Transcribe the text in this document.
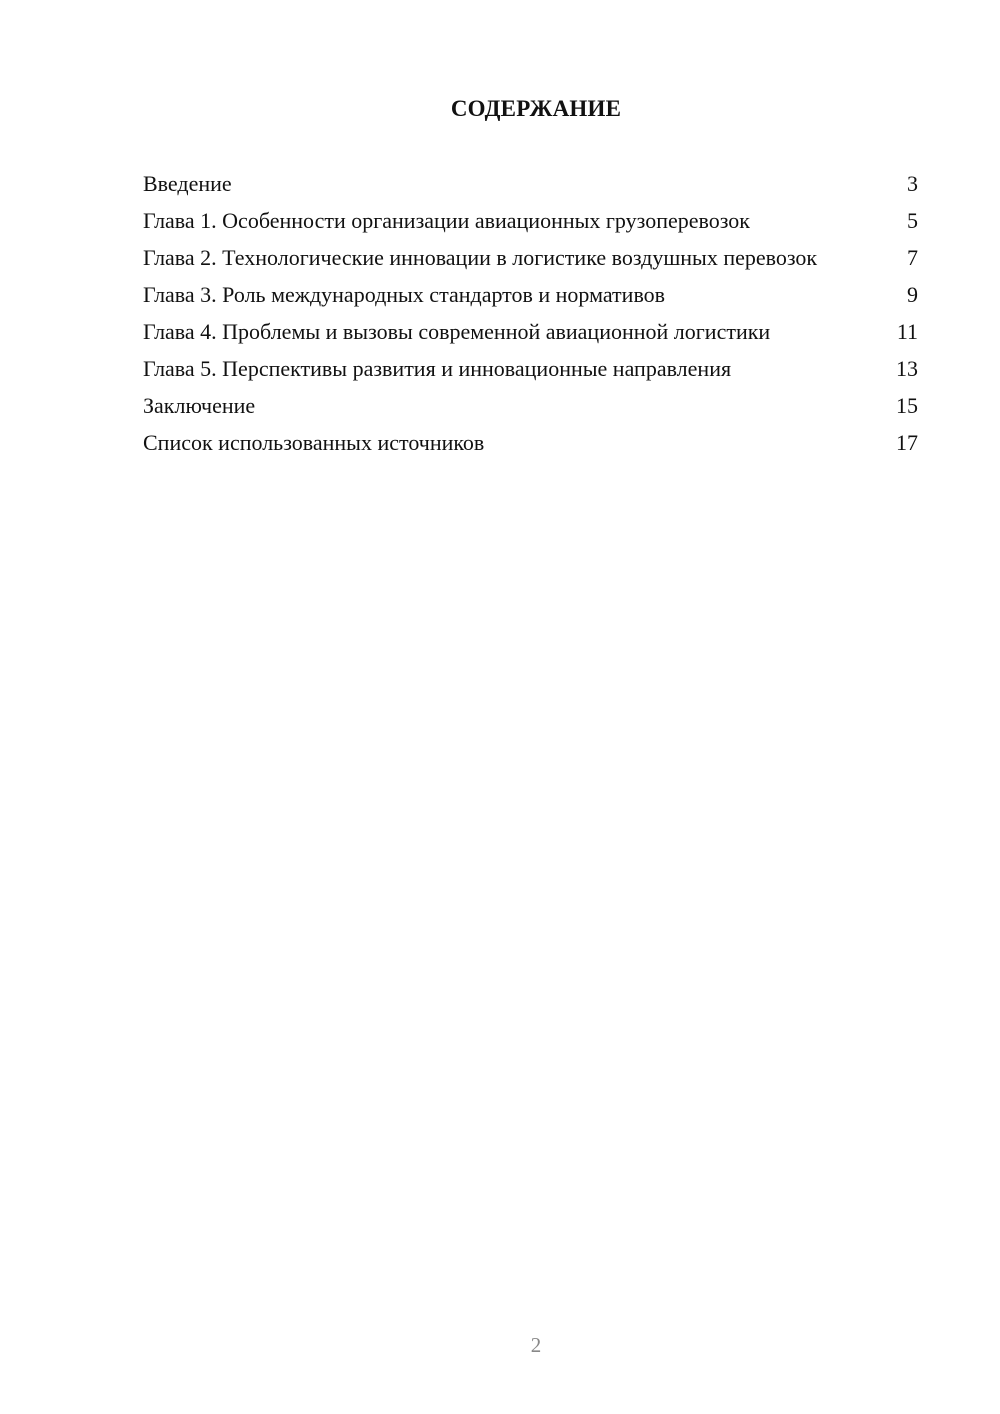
СОДЕРЖАНИЕ
Введение	3
Глава 1. Особенности организации авиационных грузоперевозок	5
Глава 2. Технологические инновации в логистике воздушных перевозок	7
Глава 3. Роль международных стандартов и нормативов	9
Глава 4. Проблемы и вызовы современной авиационной логистики	11
Глава 5. Перспективы развития и инновационные направления	13
Заключение	15
Список использованных источников	17
2
